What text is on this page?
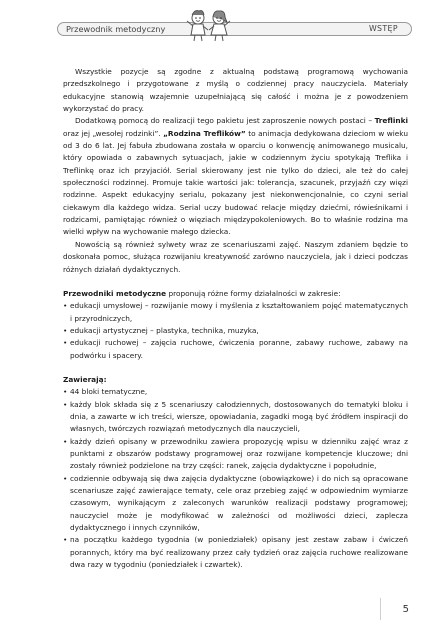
Przewodnik metodyczny	WSTĘP

Wszystkie pozycje są zgodne z aktualną podstawą programową wychowania przedszkolnego i przygotowane z myślą o codziennej pracy nauczyciela. Materiały edukacyjne stanowią wzajemnie uzupełniającą się całość i można je z powodzeniem wykorzystać do pracy.

Dodatkową pomocą do realizacji tego pakietu jest zaproszenie nowych postaci – Treflinki oraz jej „wesołej rodzinki”. „Rodzina Treflików” to animacja dedykowana dzieciom w wieku od 3 do 6 lat. Jej fabuła zbudowana została w oparciu o konwencję animowanego musicalu, który opowiada o zabawnych sytuacjach, jakie w codziennym życiu spotykają Treflika i Treflinkę oraz ich przyjaciół. Serial skierowany jest nie tylko do dzieci, ale też do całej społeczności rodzinnej. Promuje takie wartości jak: tolerancja, szacunek, przyjaźń czy więzi rodzinne. Aspekt edukacyjny serialu, pokazany jest niekonwencjonalnie, co czyni serial ciekawym dla każdego widza. Serial uczy budować relacje między dziećmi, rówieśnikami i rodzicami, pamiętając również o więziach międzypokoleniowych. Bo to właśnie rodzina ma wielki wpływ na wychowanie małego dziecka.

Nowością są również sylwety wraz ze scenariuszami zajęć. Naszym zdaniem będzie to doskonała pomoc, służąca rozwijaniu kreatywność zarówno nauczyciela, jak i dzieci podczas różnych działań dydaktycznych.

Przewodniki metodyczne proponują różne formy działalności w zakresie:

• edukacji umysłowej – rozwijanie mowy i myślenia z kształtowaniem pojęć matematycznych i przyrodniczych,
• edukacji artystycznej – plastyka, technika, muzyka,
• edukacji ruchowej – zajęcia ruchowe, ćwiczenia poranne, zabawy ruchowe, zabawy na podwórku i spacery.

Zawierają:

• 44 bloki tematyczne,
• każdy blok składa się z 5 scenariuszy całodziennych, dostosowanych do tematyki bloku i dnia, a zawarte w ich treści, wiersze, opowiadania, zagadki mogą być źródłem inspiracji do własnych, twórczych rozwiązań metodycznych dla nauczycieli,
• każdy dzień opisany w przewodniku zawiera propozycję wpisu w dzienniku zajęć wraz z punktami z obszarów podstawy programowej oraz rozwijane kompetencje kluczowe; dni zostały również podzielone na trzy części: ranek, zajęcia dydaktyczne i popołudnie,
• codziennie odbywają się dwa zajęcia dydaktyczne (obowiązkowe) i do nich są opracowane scenariusze zajęć zawierające tematy, cele oraz przebieg zajęć w odpowiednim wymiarze czasowym, wynikającym z zaleconych warunków realizacji podstawy programowej; nauczyciel może je modyfikować w zależności od możliwości dzieci, zaplecza dydaktycznego i innych czynników,
• na początku każdego tygodnia (w poniedziałek) opisany jest zestaw zabaw i ćwiczeń porannych, który ma być realizowany przez cały tydzień oraz zajęcia ruchowe realizowane dwa razy w tygodniu (poniedziałek i czwartek).
5
